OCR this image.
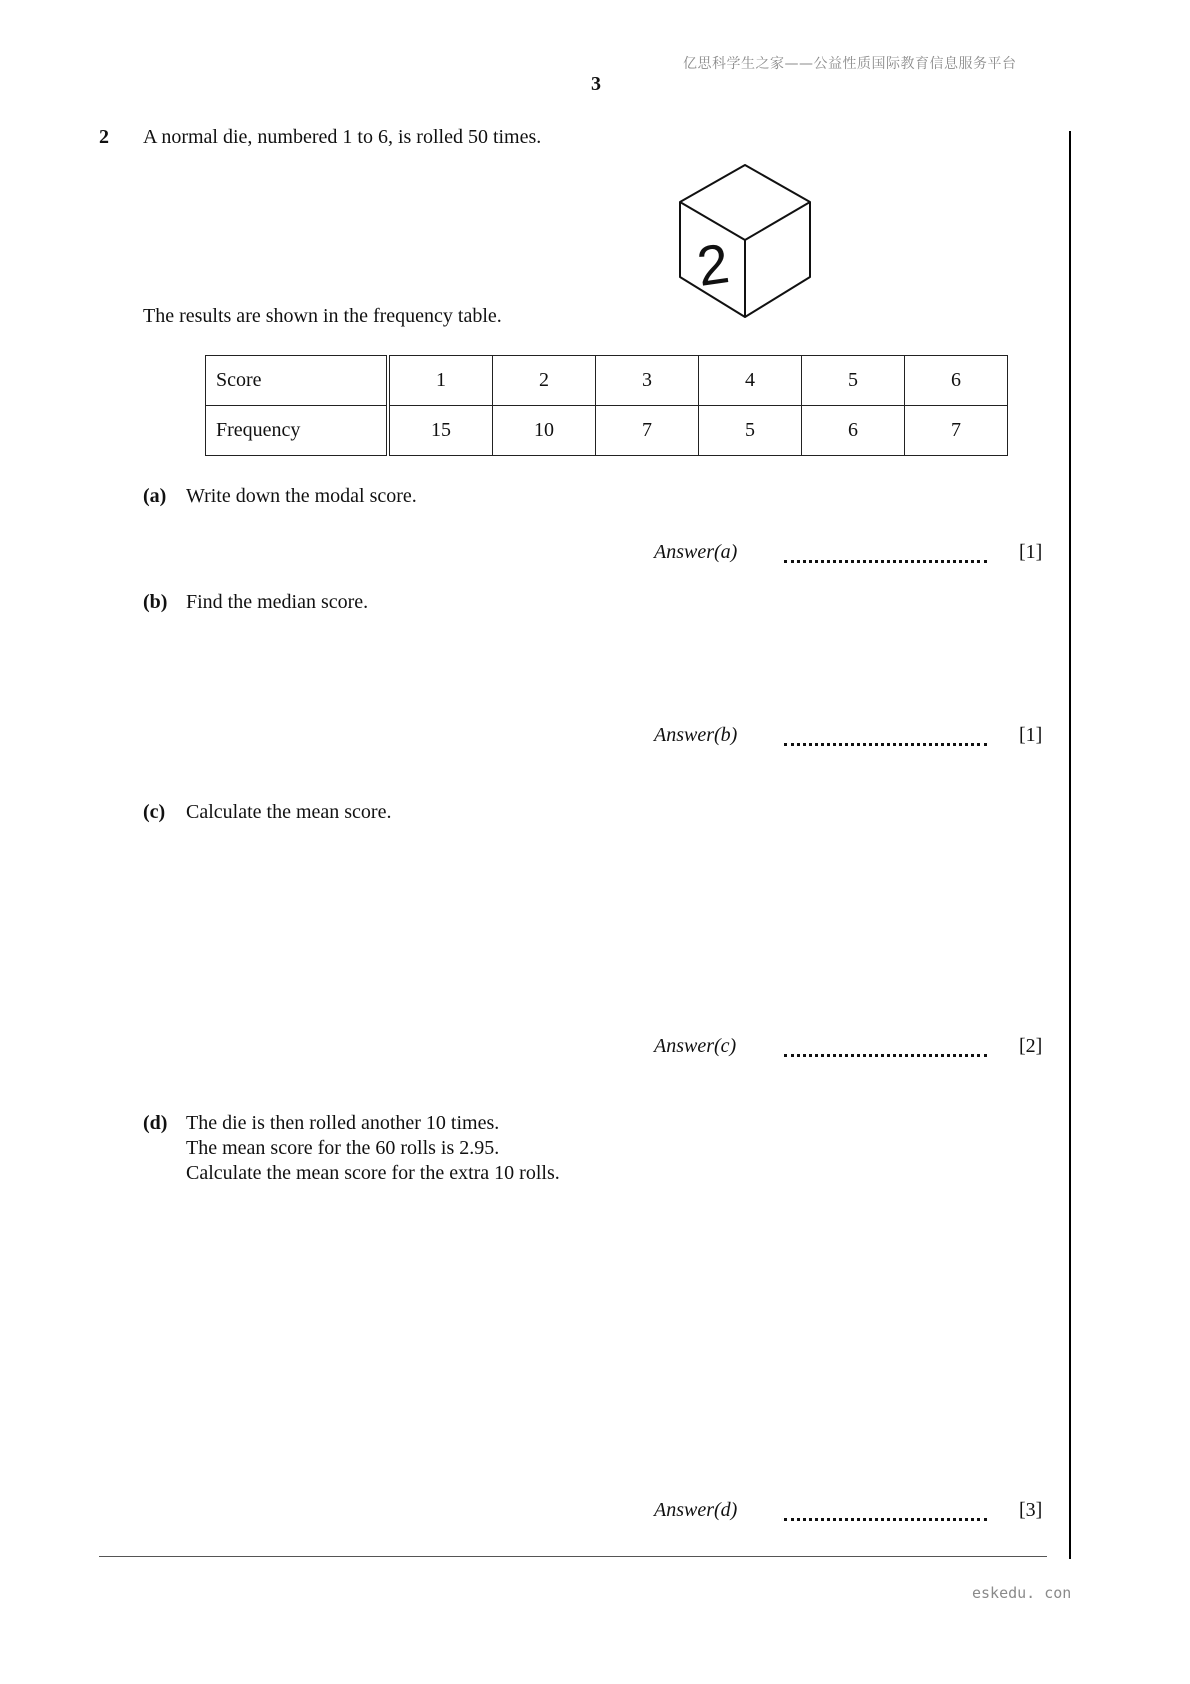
亿思科学生之家——公益性质国际教育信息服务平台
3
2 A normal die, numbered 1 to 6, is rolled 50 times.
2
The results are shown in the frequency table.
Score	1	2	3	4	5	6
Frequency	15	10	7	5	6	7
(a) Write down the modal score.
Answer(a)	[1]
(b) Find the median score.
Answer(b)	[1]
(c) Calculate the mean score.
Answer(c)	[2]
(d) The die is then rolled another 10 times.
The mean score for the 60 rolls is 2.95.
Calculate the mean score for the extra 10 rolls.
Answer(d)	[3]
eskedu. con
